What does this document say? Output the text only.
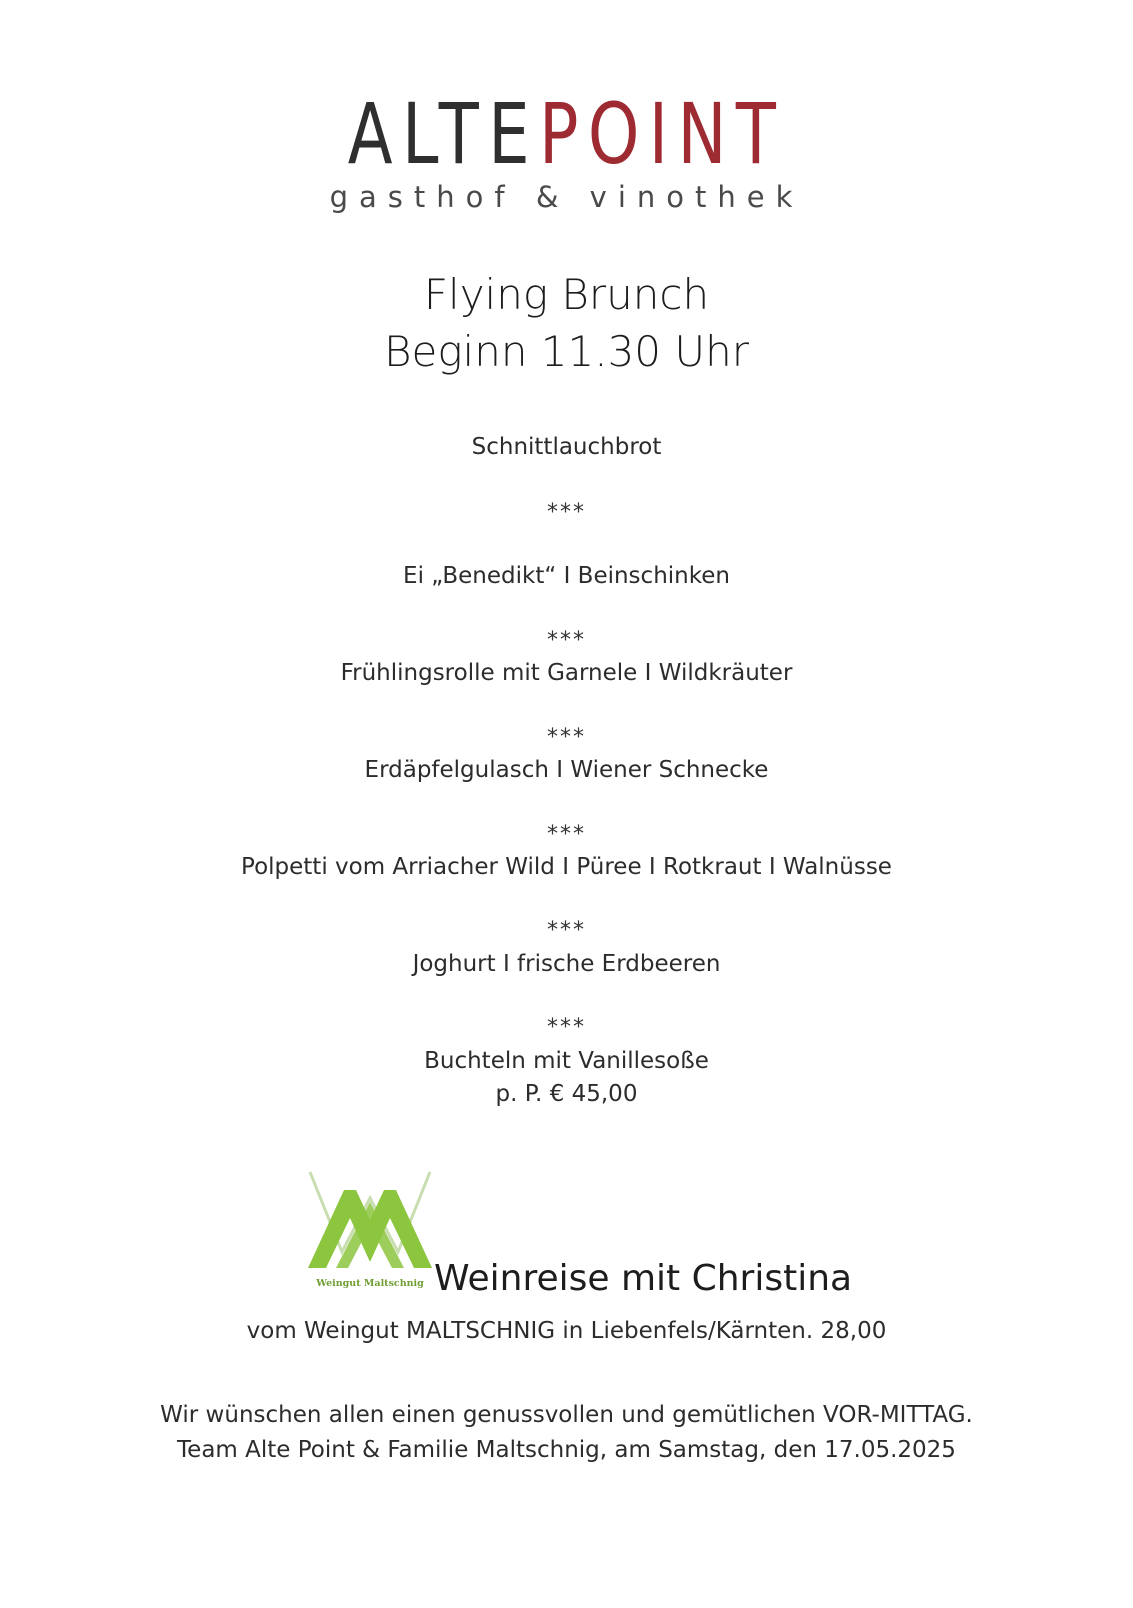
ALTEPOINT
gasthof & vinothek
Flying Brunch
Beginn 11.30 Uhr
Schnittlauchbrot
***
Ei „Benedikt“ I Beinschinken
***
Frühlingsrolle mit Garnele I Wildkräuter
***
Erdäpfelgulasch I Wiener Schnecke
***
Polpetti vom Arriacher Wild I Püree I Rotkraut I Walnüsse
***
Joghurt I frische Erdbeeren
***
Buchteln mit Vanillesoße
p. P. € 45,00
Weingut Maltschnig Weinreise mit Christina
vom Weingut MALTSCHNIG in Liebenfels/Kärnten. 28,00
Wir wünschen allen einen genussvollen und gemütlichen VOR-MITTAG.
Team Alte Point & Familie Maltschnig, am Samstag, den 17.05.2025
